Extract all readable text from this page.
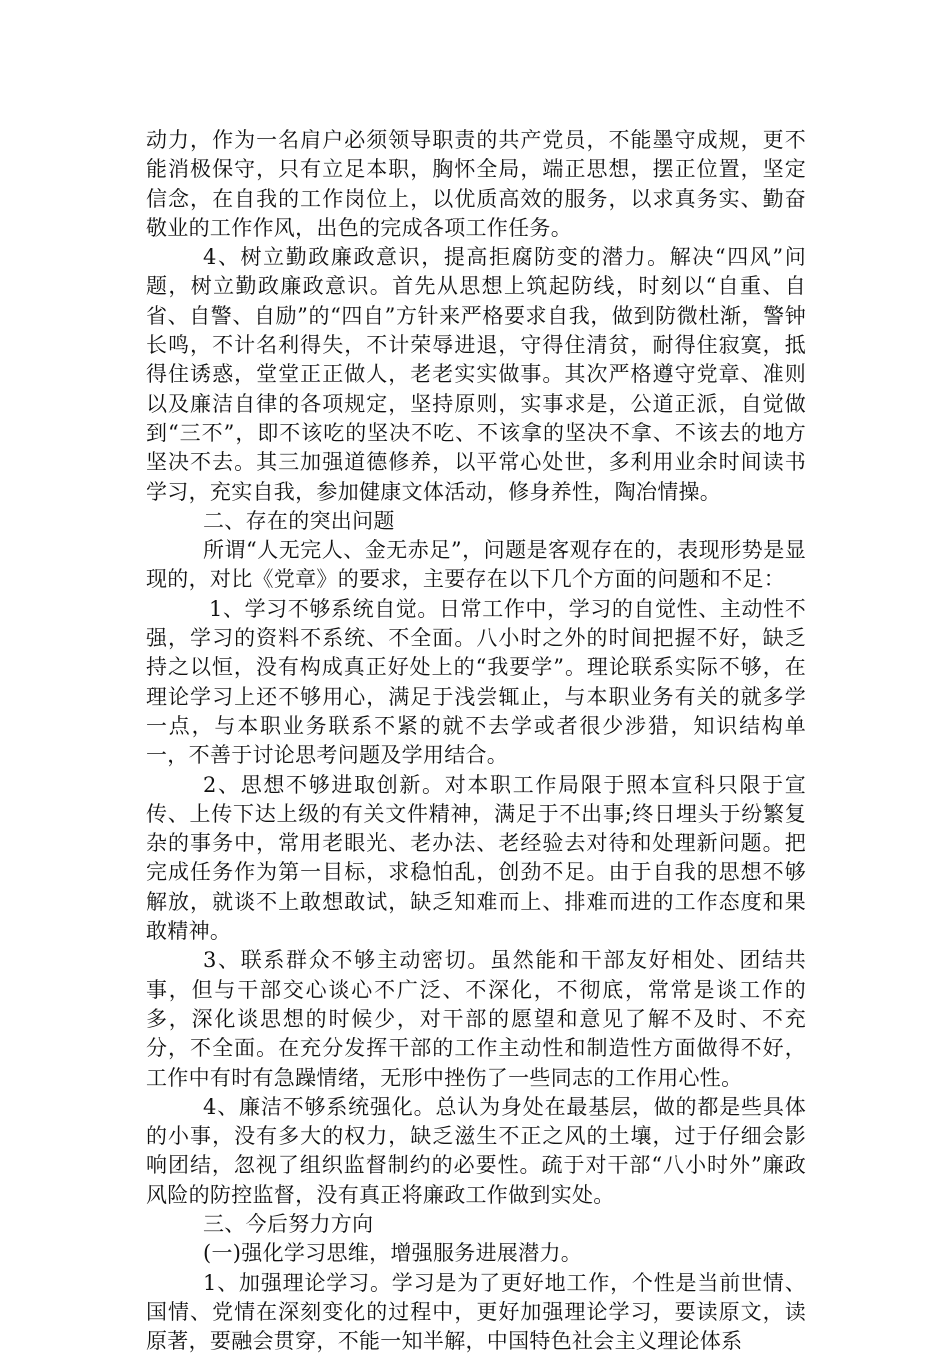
动力，作为一名肩户必须领导职责的共产党员，不能墨守成规，更不能消极保守，只有立足本职，胸怀全局，端正思想，摆正位置，坚定信念，在自我的工作岗位上，以优质高效的服务，以求真务实、勤奋敬业的工作作风，出色的完成各项工作任务。

4、树立勤政廉政意识，提高拒腐防变的潜力。解决“四风”问题，树立勤政廉政意识。首先从思想上筑起防线，时刻以“自重、自省、自警、自励”的“四自”方针来严格要求自我，做到防微杜渐，警钟长鸣，不计名利得失，不计荣辱进退，守得住清贫，耐得住寂寞，抵得住诱惑，堂堂正正做人，老老实实做事。其次严格遵守党章、准则以及廉洁自律的各项规定，坚持原则，实事求是，公道正派，自觉做到“三不”，即不该吃的坚决不吃、不该拿的坚决不拿、不该去的地方坚决不去。其三加强道德修养，以平常心处世，多利用业余时间读书学习，充实自我，参加健康文体活动，修身养性，陶冶情操。

二、存在的突出问题

所谓“人无完人、金无赤足”，问题是客观存在的，表现形势是显现的，对比《党章》的要求，主要存在以下几个方面的问题和不足：

1、学习不够系统自觉。日常工作中，学习的自觉性、主动性不强，学习的资料不系统、不全面。八小时之外的时间把握不好，缺乏持之以恒，没有构成真正好处上的“我要学”。理论联系实际不够，在理论学习上还不够用心，满足于浅尝辄止，与本职业务有关的就多学一点，与本职业务联系不紧的就不去学或者很少涉猎，知识结构单一，不善于讨论思考问题及学用结合。

2、思想不够进取创新。对本职工作局限于照本宣科只限于宣传、上传下达上级的有关文件精神，满足于不出事;终日埋头于纷繁复杂的事务中，常用老眼光、老办法、老经验去对待和处理新问题。把完成任务作为第一目标，求稳怕乱，创劲不足。由于自我的思想不够解放，就谈不上敢想敢试，缺乏知难而上、排难而进的工作态度和果敢精神。

3、联系群众不够主动密切。虽然能和干部友好相处、团结共事，但与干部交心谈心不广泛、不深化，不彻底，常常是谈工作的多，深化谈思想的时候少，对干部的愿望和意见了解不及时、不充分，不全面。在充分发挥干部的工作主动性和制造性方面做得不好，工作中有时有急躁情绪，无形中挫伤了一些同志的工作用心性。

4、廉洁不够系统强化。总认为身处在最基层，做的都是些具体的小事，没有多大的权力，缺乏滋生不正之风的土壤，过于仔细会影响团结，忽视了组织监督制约的必要性。疏于对干部“八小时外”廉政风险的防控监督，没有真正将廉政工作做到实处。

三、今后努力方向

(一)强化学习思维，增强服务进展潜力。

1、加强理论学习。学习是为了更好地工作，个性是当前世情、国情、党情在深刻变化的过程中，更好加强理论学习，要读原文，读原著，要融会贯穿，不能一知半解，中国特色社会主义理论体系
